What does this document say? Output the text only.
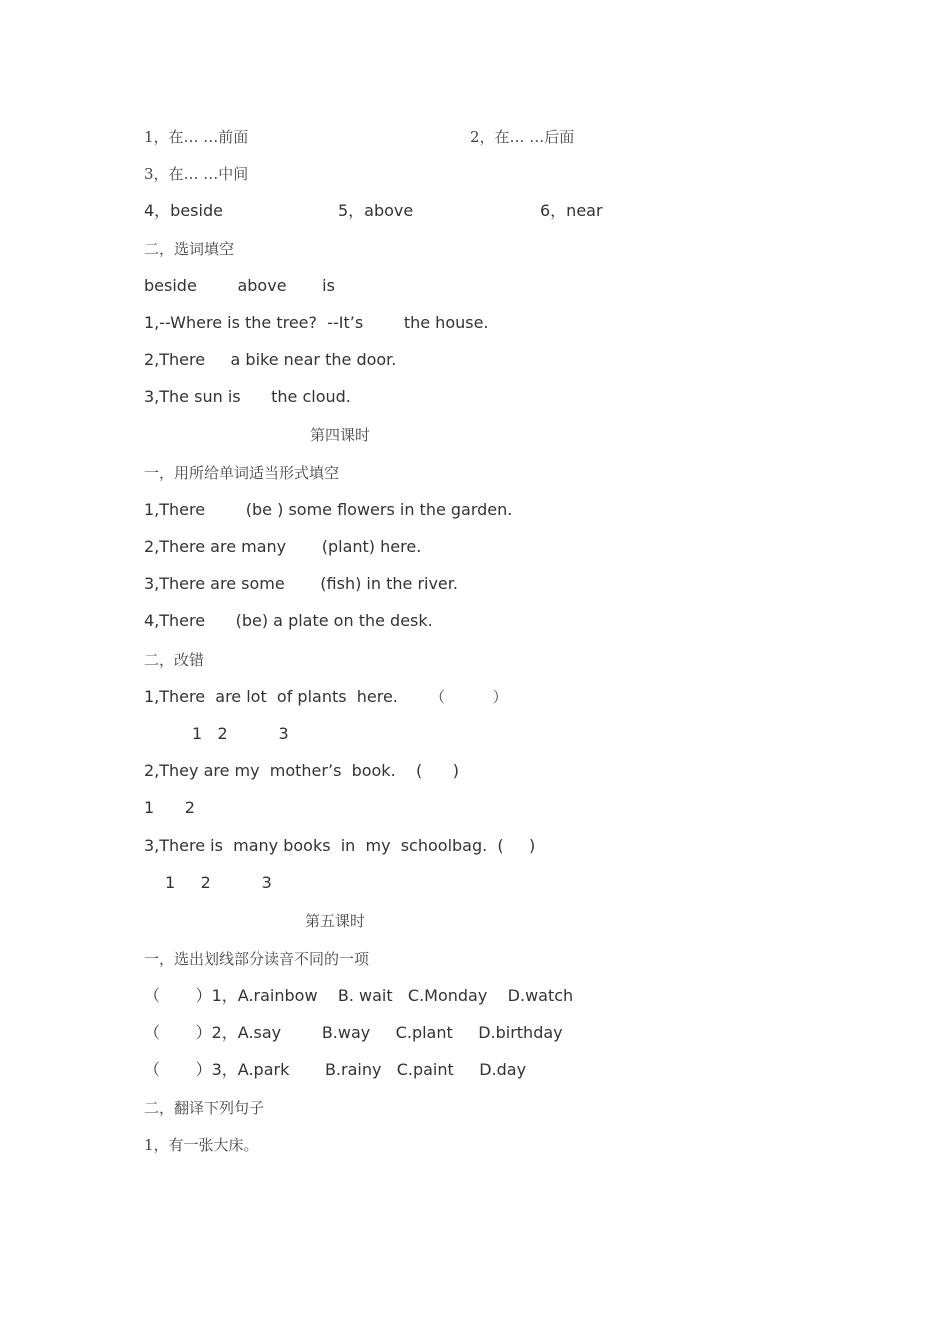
1，在… …前面	2，在… …后面
3，在… …中间
4，beside	5，above	6，near
二，选词填空
beside        above       is
1,--Where is the tree?  --It’s        the house.
2,There     a bike near the door.
3,The sun is      the cloud.
第四课时
一，用所给单词适当形式填空
1,There        (be ) some flowers in the garden.
2,There are many       (plant) here.
3,There are some       (fish) in the river.
4,There      (be) a plate on the desk.
二，改错
1,There  are lot  of plants  here. （          ）
1   2          3
2,They are my  mother’s  book.    (      )
1      2
3,There is  many books  in  my  schoolbag.  (     )
1     2          3
第五课时
一，选出划线部分读音不同的一项
（       ）1，A.rainbow    B. wait   C.Monday    D.watch
（       ）2，A.say        B.way     C.plant     D.birthday
（       ）3，A.park       B.rainy   C.paint     D.day
二，翻译下列句子
1，有一张大床。
